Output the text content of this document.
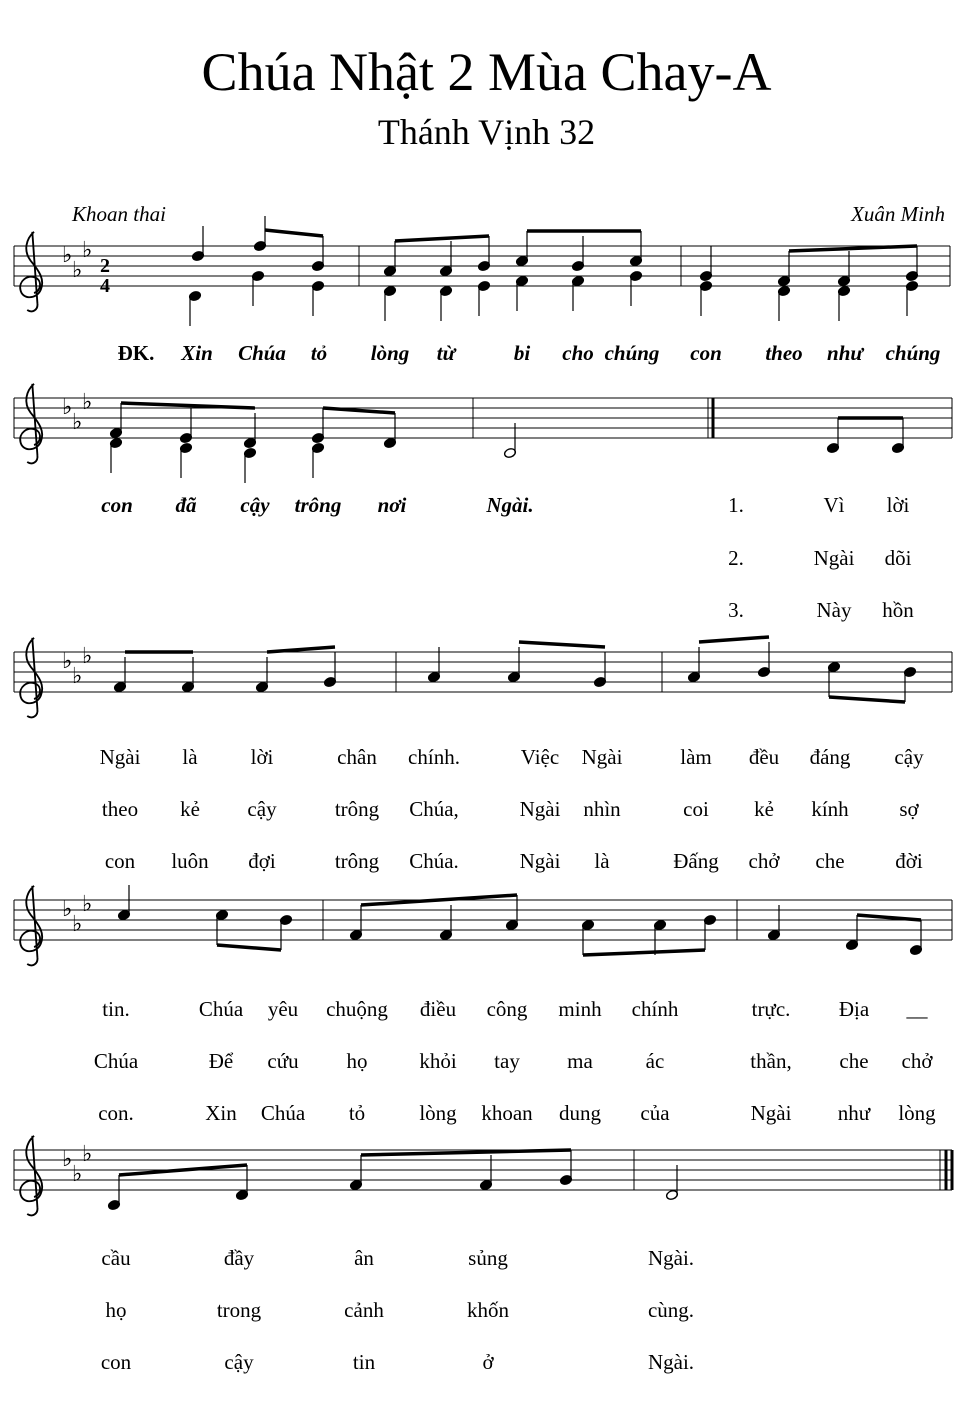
Chúa Nhật 2 Mùa Chay-A
Thánh Vịnh 32
Khoan thai	Xuân Minh
♭
♭
♭
♭
♭
♭
♭
♭
♭
♭
♭
♭
♭
♭
♭
2
4
ĐK. Xin Chúa tỏ lòng từ	bi cho chúng con theo như chúng
con đã cậy trông nơi	Ngài.	1.
2.
3.
Vì lời
Ngài là	lời	chân chính.	Việc Ngài	làm đều đáng cậy
tin.	Chúa yêu chuộng điều công minh chính	trực. Địa __
cầu	đầy	ân	sủng	Ngài.
Ngài dõi
theo kẻ cậy	trông Chúa,	Ngài nhìn	coi kẻ kính sợ
Chúa	Để cứu họ khỏi tay ma	ác	thần, che chở
họ	trong	cảnh	khốn	cùng.
Này hồn
con luôn đợi	trông Chúa.	Ngài là	Đấng chở che đời
con.	Xin Chúa tỏ	lòng khoan dung của	Ngài như lòng
con	cậy	tin	ở	Ngài.
